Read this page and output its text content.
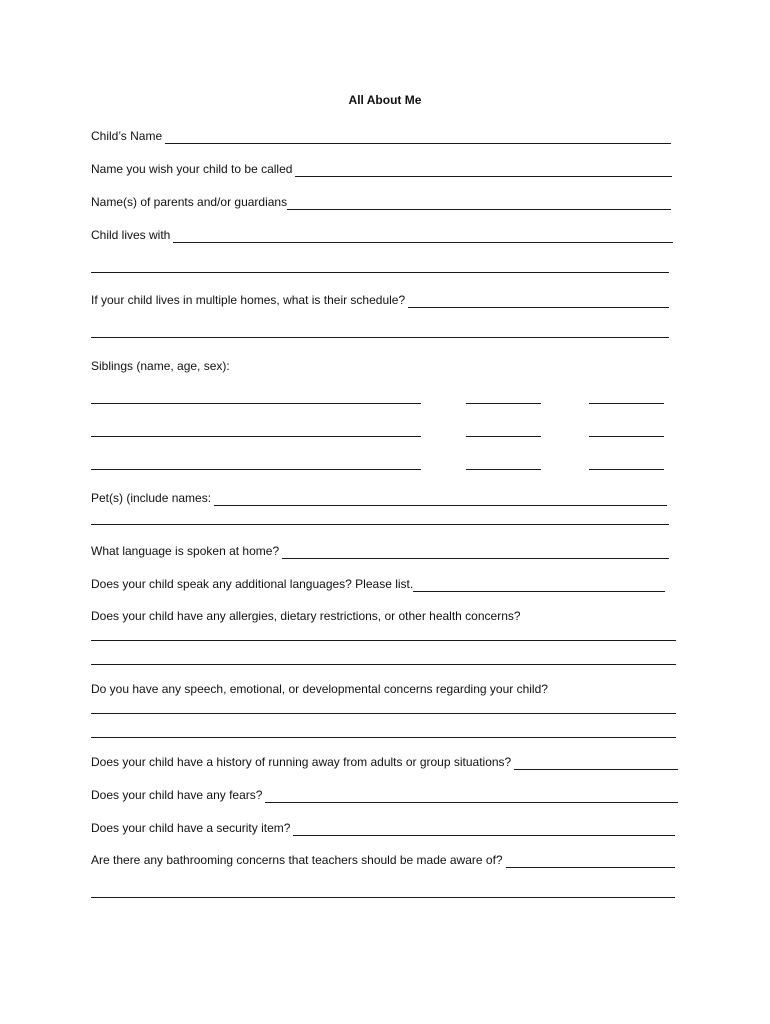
All About Me
Child’s Name
Name you wish your child to be called
Name(s) of parents and/or guardians
Child lives with
If your child lives in multiple homes, what is their schedule?
Siblings (name, age, sex):
Pet(s) (include names:
What language is spoken at home?
Does your child speak any additional languages? Please list.
Does your child have any allergies, dietary restrictions, or other health concerns?
Do you have any speech, emotional, or developmental concerns regarding your child?
Does your child have a history of running away from adults or group situations?
Does your child have any fears?
Does your child have a security item?
Are there any bathrooming concerns that teachers should be made aware of?
